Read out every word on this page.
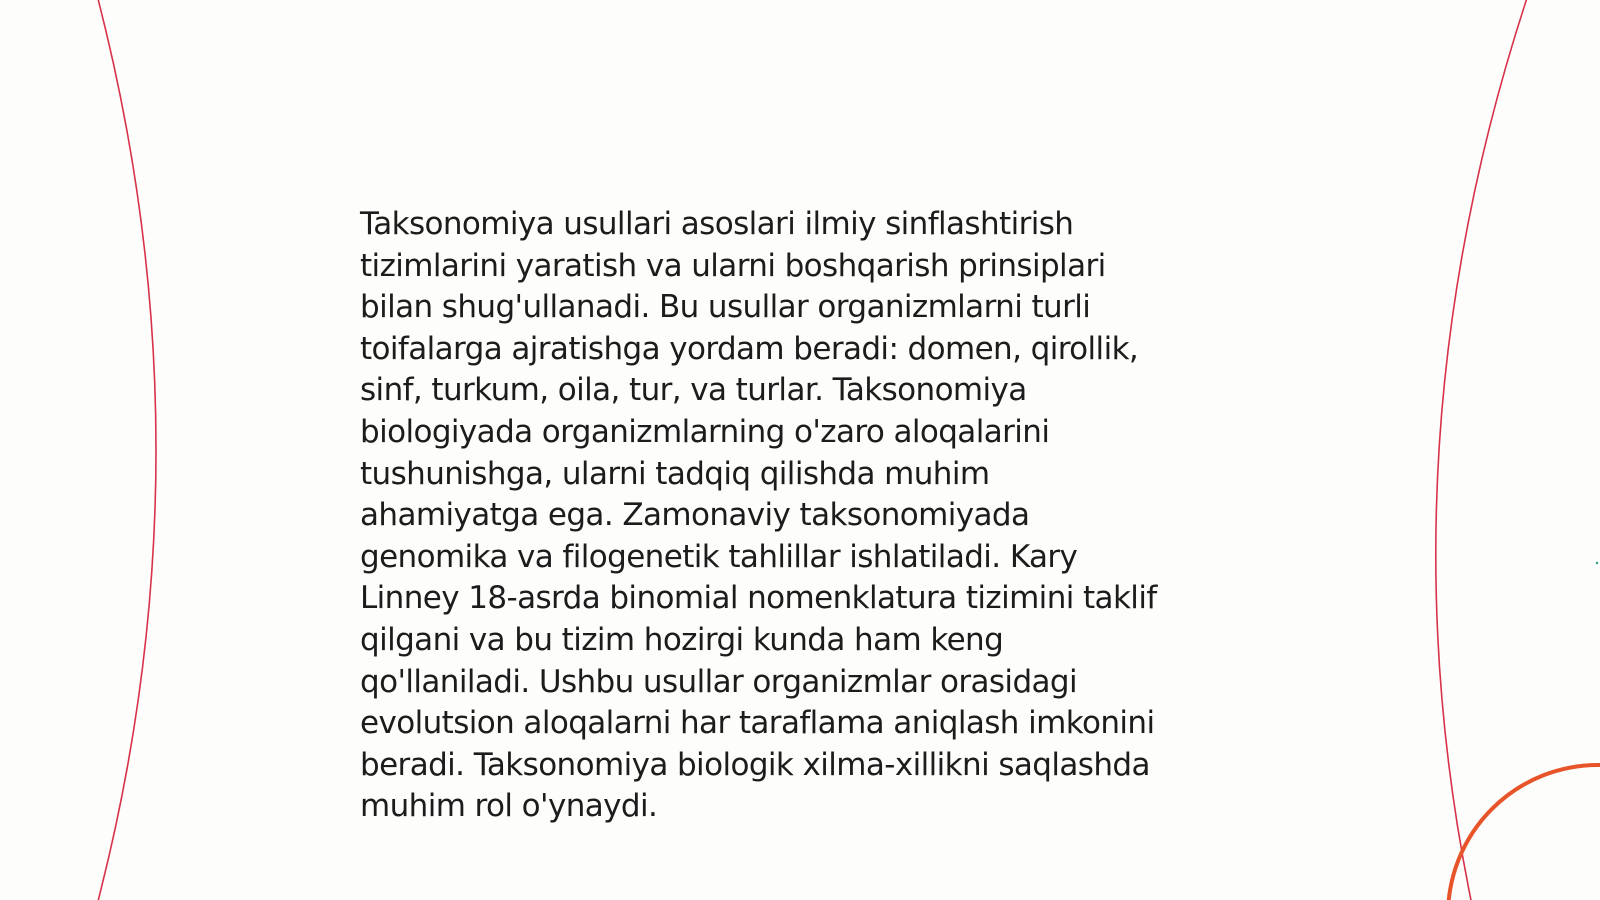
Taksonomiya usullari asoslari ilmiy sinflashtirish
tizimlarini yaratish va ularni boshqarish prinsiplari
bilan shug'ullanadi. Bu usullar organizmlarni turli
toifalarga ajratishga yordam beradi: domen, qirollik,
sinf, turkum, oila, tur, va turlar. Taksonomiya
biologiyada organizmlarning o'zaro aloqalarini
tushunishga, ularni tadqiq qilishda muhim
ahamiyatga ega. Zamonaviy taksonomiyada
genomika va filogenetik tahlillar ishlatiladi. Kary
Linney 18-asrda binomial nomenklatura tizimini taklif
qilgani va bu tizim hozirgi kunda ham keng
qo'llaniladi. Ushbu usullar organizmlar orasidagi
evolutsion aloqalarni har taraflama aniqlash imkonini
beradi. Taksonomiya biologik xilma-xillikni saqlashda
muhim rol o'ynaydi.
